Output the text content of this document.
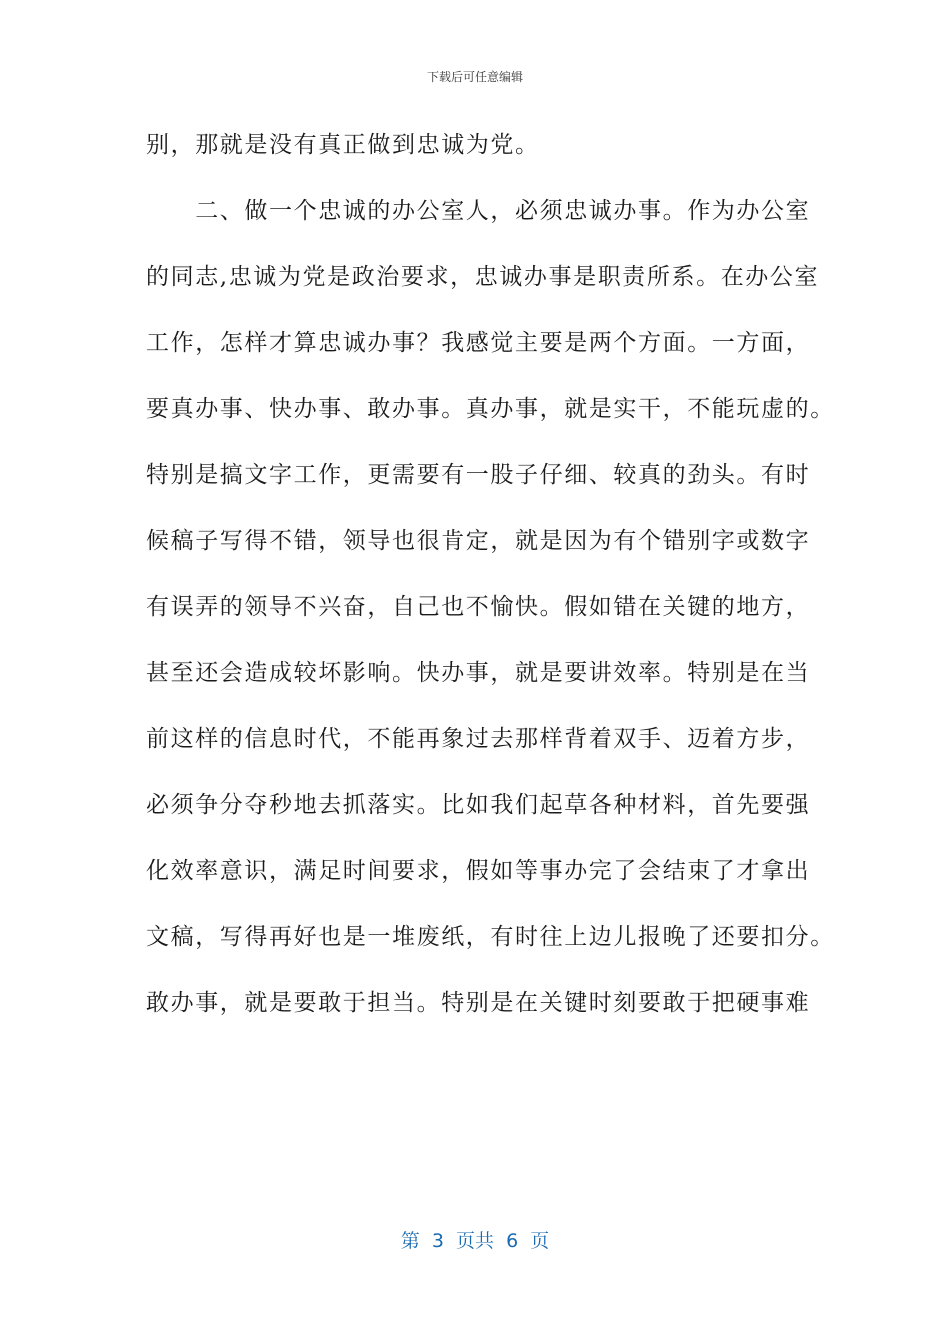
下载后可任意编辑
别，那就是没有真正做到忠诚为党。
　　二、做一个忠诚的办公室人，必须忠诚办事。作为办公室
的同志,忠诚为党是政治要求，忠诚办事是职责所系。在办公室
工作，怎样才算忠诚办事？我感觉主要是两个方面。一方面，
要真办事、快办事、敢办事。真办事，就是实干，不能玩虚的。
特别是搞文字工作，更需要有一股子仔细、较真的劲头。有时
候稿子写得不错，领导也很肯定，就是因为有个错别字或数字
有误弄的领导不兴奋，自己也不愉快。假如错在关键的地方，
甚至还会造成较坏影响。快办事，就是要讲效率。特别是在当
前这样的信息时代，不能再象过去那样背着双手、迈着方步，
必须争分夺秒地去抓落实。比如我们起草各种材料，首先要强
化效率意识，满足时间要求，假如等事办完了会结束了才拿出
文稿，写得再好也是一堆废纸，有时往上边儿报晚了还要扣分。
敢办事，就是要敢于担当。特别是在关键时刻要敢于把硬事难
第  3  页共  6  页
